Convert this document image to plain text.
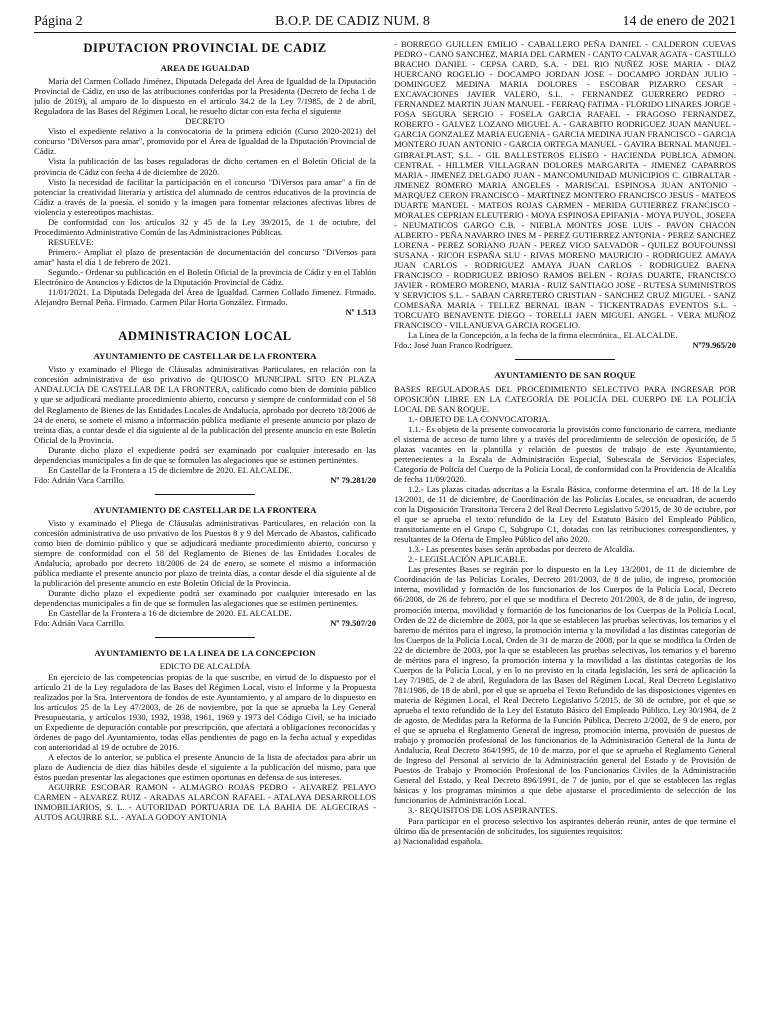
Página 2	B.O.P. DE CADIZ NUM. 8	14 de enero de 2021
DIPUTACION PROVINCIAL DE CADIZ
AREA DE IGUALDAD

María del Carmen Collado Jiménez, Diputada Delegada del Área de Igualdad de la Diputación Provincial de Cádiz, en uso de las atribuciones conferidas por la Presidenta (Decreto de fecha 1 de julio de 2019), al amparo de lo dispuesto en el artículo 34.2 de la Ley 7/1985, de 2 de abril, Reguladora de las Bases del Régimen Local, he resuelto dictar con esta fecha el siguiente

DECRETO

Visto el expediente relativo a la convocatoria de la primera edición (Curso 2020-2021) del concurso "DiVersos para amar", promovido por el Área de Igualdad de la Diputación Provincial de Cádiz.

Vista la publicación de las bases reguladoras de dicho certamen en el Boletín Oficial de la provincia de Cádiz con fecha 4 de diciembre de 2020.

Visto la necesidad de facilitar la participación en el concurso "DiVersos para amar" a fin de potenciar la creatividad literaria y artística del alumnado de centros educativos de la provincia de Cádiz a través de la poesía, el sonido y la imagen para fomentar relaciones afectivas libres de violencia y estereotipos machistas.

De conformidad con los artículos 32 y 45 de la Ley 39/2015, de 1 de octubre, del Procedimiento Administrativo Común de las Administraciones Públicas.

RESUELVE:

Primero.- Ampliar el plazo de presentación de documentación del concurso "DiVersos para amar" hasta el día 1 de febrero de 2021.

Segundo.- Ordenar su publicación en el Boletín Oficial de la provincia de Cádiz y en el Tablón Electrónico de Anuncios y Edictos de la Diputación Provincial de Cádiz.

11/01/2021. La Diputada Delegada del Área de Igualdad. Carmen Collado Jimenez. Firmado. Alejandro Bernal Peña. Firmado. Carmen Pilar Horta González. Firmado.

Nº 1.513
ADMINISTRACION LOCAL
AYUNTAMIENTO DE CASTELLAR DE LA FRONTERA

Visto y examinado el Pliego de Cláusulas administrativas Particulares, en relación con la concesión administrativa de uso privativo de QUIOSCO MUNICIPAL SITO EN PLAZA ANDALUCÍA DE CASTELLAR DE LA FRONTERA, calificado como bien de dominio público y que se adjudicará mediante procedimiento abierto, concurso y siempre de conformidad con el 58 del Reglamento de Bienes de las Entidades Locales de Andalucía, aprobado por decreto 18/2006 de 24 de enero, se somete el mismo a información pública mediante el presente anuncio por plazo de treinta días, a contar desde el día siguiente al de la publicación del presente anuncio en este Boletín Oficial de la Provincia.

Durante dicho plazo el expediente podrá ser examinado por cualquier interesado en las dependencias municipales a fin de que se formulen las alegaciones que se estimen pertinentes.

En Castellar de la Frontera a 15 de diciembre de 2020. EL ALCALDE.

Fdo: Adrián Vaca Carrillo.	Nº 79.281/20
AYUNTAMIENTO DE CASTELLAR DE LA FRONTERA

Visto y examinado el Pliego de Cláusulas administrativas Particulares, en relación con la concesión administrativa de uso privativo de los Puestos 8 y 9 del Mercado de Abastos, calificado como bien de dominio público y que se adjudicará mediante procedimiento abierto, concurso y siempre de conformidad con el 58 del Reglamento de Bienes de las Entidades Locales de Andalucía, aprobado por decreto 18/2006 de 24 de enero, se somete el mismo a información pública mediante el presente anuncio por plazo de treinta días, a contar desde el día siguiente al de la publicación del presente anuncio en este Boletín Oficial de la Provincia.

Durante dicho plazo el expediente podrá ser examinado por cualquier interesado en las dependencias municipales a fin de que se formulen las alegaciones que se estimen pertinentes.

En Castellar de la Frontera a 16 de diciembre de 2020. EL ALCALDE.

Fdo: Adrián Vaca Carrillo.	Nº 79.507/20
AYUNTAMIENTO DE LA LINEA DE LA CONCEPCION

EDICTO DE ALCALDÍA

En ejercicio de las competencias propias de la que suscribe, en virtud de lo dispuesto por el artículo 21 de la Ley reguladora de las Bases del Régimen Local, visto el Informe y la Propuesta realizados por la Sra. Interventora de fondos de este Ayuntamiento, y al amparo de lo dispuesto en los artículos 25 de la Ley 47/2003, de 26 de noviembre, por la que se aprueba la Ley General Presupuestaria, y artículos 1930, 1932, 1938, 1961, 1969 y 1973 del Código Civil, se ha iniciado un Expediente de depuración contable por prescripción, que afectará a obligaciones reconocidas y órdenes de pago del Ayuntamiento, todas ellas pendientes de pago en la fecha actual y expedidas con anterioridad al 19 de octubre de 2016.

A efectos de lo anterior, se publica el presente Anuncio de la lista de afectados para abrir un plazo de Audiencia de diez días hábiles desde el siguiente a la publicación del mismo, para que éstos puedan presentar las alegaciones que estimen oportunas en defensa de sus intereses.

AGUIRRE ESCOBAR RAMON - ALMAGRO ROJAS PEDRO - ALVAREZ PELAYO CARMEN - ALVAREZ RUIZ - ARADAS ALARCON RAFAEL - ATALAYA DESARROLLOS INMOBILIARIOS, S. L. - AUTORIDAD PORTUARIA DE LA BAHIA DE ALGECIRAS - AUTOS AGUIRRE S.L. - AYALA GODOY ANTONIA

- BORREGO GUILLEN EMILIO - CABALLERO PEÑA DANIEL - CALDERON CUEVAS PEDRO - CANO SANCHEZ, MARIA DEL CARMEN - CANTO CALVAR AGATA - CASTILLO BRACHO DANIEL - CEPSA CARD, S.A. - DEL RIO NUÑEZ JOSE MARIA - DIAZ HUERCANO ROGELIO - DOCAMPO JORDAN JOSE - DOCAMPO JORDAN JULIO - DOMINGUEZ MEDINA MARIA DOLORES - ESCOBAR PIZARRO CESAR - EXCAVACIONES JAVIER VALERO, S.L. - FERNANDEZ GUERRERO PEDRO - FERNANDEZ MARTIN JUAN MANUEL - FERRAQ FATIMA - FLORIDO LINARES JORGE - FOSA SEGURA SERGIO - FOSELA GARCIA RAFAEL - FRAGOSO FERNANDEZ, ROBERTO - GALVEZ LOZANO MIGUEL A. - GARABITO RODRIGUEZ JUAN MANUEL - GARCIA GONZALEZ MARIA EUGENIA - GARCIA MEDINA JUAN FRANCISCO - GARCIA MONTERO JUAN ANTONIO - GARCIA ORTEGA MANUEL - GAVIRA BERNAL MANUEL - GIBRALPLAST, S.L. - GIL BALLESTEROS ELISEO - HACIENDA PUBLICA ADMON. CENTRAL - HILLMER VILLAGRAN DOLORES MARGARITA - JIMENEZ CAPARROS MARIA - JIMENEZ DELGADO JUAN - MANCOMUNIDAD MUNICIPIOS C. GIBRALTAR - JIMENEZ ROMERO MARIA ANGELES - MARISCAL ESPINOSA JUAN ANTONIO - MARQUEZ CERON FRANCISCO - MARTINEZ MONTERO FRANCISCO JESUS - MATEOS DUARTE MANUEL - MATEOS ROJAS CARMEN - MERIDA GUTIERREZ FRANCISCO - MORALES CEPRIAN ELEUTERIO - MOYA ESPINOSA EPIFANIA - MOYA PUYOL, JOSEFA - NEUMATICOS GARGO C.B. - NIEBLA MONTES JOSE LUIS - PAVON CHACON ALBERTO - PEÑA NAVARRO INES M - PEREZ GUTIERREZ ANTONIA - PEREZ SANCHEZ LORENA - PEREZ SORIANO JUAN - PEREZ VICO SALVADOR - QUILEZ BOUFOUNSSI SUSANA - RICOH ESPAÑA SLU - RIVAS MORENO MAURICIO - RODRIGUEZ AMAYA JUAN CARLOS - RODRIGUEZ AMAYA JUAN CARLOS - RODRIGUEZ BAENA FRANCISCO - RODRIGUEZ BRIOSO RAMOS BELEN - ROJAS DUARTE, FRANCISCO JAVIER - ROMERO MORENO, MARIA - RUIZ SANTIAGO JOSE - RUTESA SUMINISTROS Y SERVICIOS S.L. - SABAN CARRETERO CRISTIAN - SANCHEZ CRUZ MIGUEL - SANZ COMESAÑA MARIA - TELLEZ BERNAL IBAN - TICKENTRADAS EVENTOS S.L. - TORCUATO BENAVENTE DIEGO - TORELLI JAEN MIGUEL ANGEL - VERA MUÑOZ FRANCISCO - VILLANUEVA GARCIA ROGELIO.

La Línea de la Concepción, a la fecha de la firma electrónica., EL ALCALDE.

Fdo.: José Juan Franco Rodríguez.	Nº79.965/20
AYUNTAMIENTO DE SAN ROQUE

BASES REGULADORAS DEL PROCEDIMIENTO SELECTIVO PARA INGRESAR POR OPOSICIÓN LIBRE EN LA CATEGORÍA DE POLICÍA DEL CUERPO DE LA POLICÍA LOCAL DE SAN ROQUE.

1.- OBJETO DE LA CONVOCATORIA.

1.1.- Es objeto de la presente convocatoria la provisión como funcionario de carrera, mediante el sistema de acceso de turno libre y a través del procedimiento de selección de oposición, de 5 plazas vacantes en la plantilla y relación de puestos de trabajo de este Ayuntamiento, pertenecientes a la Escala de Administración Especial, Subescala de Servicios Especiales, Categoría de Policía del Cuerpo de la Policía Local, de conformidad con la Providencia de Alcaldía de fecha 11/09/2020.

1.2.- Las plazas citadas adscritas a la Escala Básica, conforme determina el art. 18 de la Ley 13/2001, de 11 de diciembre, de Coordinación de las Policías Locales, se encuadran, de acuerdo con la Disposición Transitoria Tercera 2 del Real Decreto Legislativo 5/2015, de 30 de octubre, por el que se aprueba el texto refundido de la Ley del Estatuto Básico del Empleado Público, transitoriamente en el Grupo C, Subgrupo C1, dotadas con las retribuciones correspondientes, y resultantes de la Oferta de Empleo Público del año 2020.

1.3.- Las presentes bases serán aprobadas por decreto de Alcaldía.

2.- LEGISLACIÓN APLICABLE.

Las presentes Bases se regirán por lo dispuesto en la Ley 13/2001, de 11 de diciembre de Coordinación de las Policías Locales, Decreto 201/2003, de 8 de julio, de ingreso, promoción interna, movilidad y formación de los funcionarios de los Cuerpos de la Policía Local, Decreto 66/2008, de 26 de febrero, por el que se modifica el Decreto 201/2003, de 8 de julio, de ingreso, promoción interna, movilidad y formación de los funcionarios de los Cuerpos de la Policía Local, Orden de 22 de diciembre de 2003, por la que se establecen las pruebas selectivas, los temarios y el baremo de méritos para el ingreso, la promoción interna y la movilidad a las distintas categorías de los Cuerpos de la Policía Local, Orden de 31 de marzo de 2008, por la que se modifica la Orden de 22 de diciembre de 2003, por la que se establecen las pruebas selectivas, los temarios y el baremo de méritos para el ingreso, la promoción interna y la movilidad a las distintas categorías de los Cuerpos de la Policía Local, y en lo no previsto en la citada legislación, les será de aplicación la Ley 7/1985, de 2 de abril, Reguladora de las Bases del Régimen Local, Real Decreto Legislativo 781/1986, de 18 de abril, por el que se aprueba el Texto Refundido de las disposiciones vigentes en materia de Régimen Local, el Real Decreto Legislativo 5/2015, de 30 de octubre, por el que se aprueba el texto refundido de la Ley del Estatuto Básico del Empleado Público, Ley 30/1984, de 2 de agosto, de Medidas para la Reforma de la Función Pública, Decreto 2/2002, de 9 de enero, por el que se aprueba el Reglamento General de ingreso, promoción interna, provisión de puestos de trabajo y promoción profesional de los funcionarios de la Administración General de la Junta de Andalucía, Real Decreto 364/1995, de 10 de marzo, por el que se aprueba el Reglamento General de Ingreso del Personal al servicio de la Administración general del Estado y de Provisión de Puestos de Trabajo y Promoción Profesional de los Funcionarios Civiles de la Administración General del Estado, y Real Decreto 896/1991, de 7 de junio, por el que se establecen las reglas básicas y los programas mínimos a que debe ajustarse el procedimiento de selección de los funcionarios de Administración Local.

3.- REQUISITOS DE LOS ASPIRANTES.

Para participar en el proceso selectivo los aspirantes deberán reunir, antes de que termine el último día de presentación de solicitudes, los siguientes requisitos:

a) Nacionalidad española.
